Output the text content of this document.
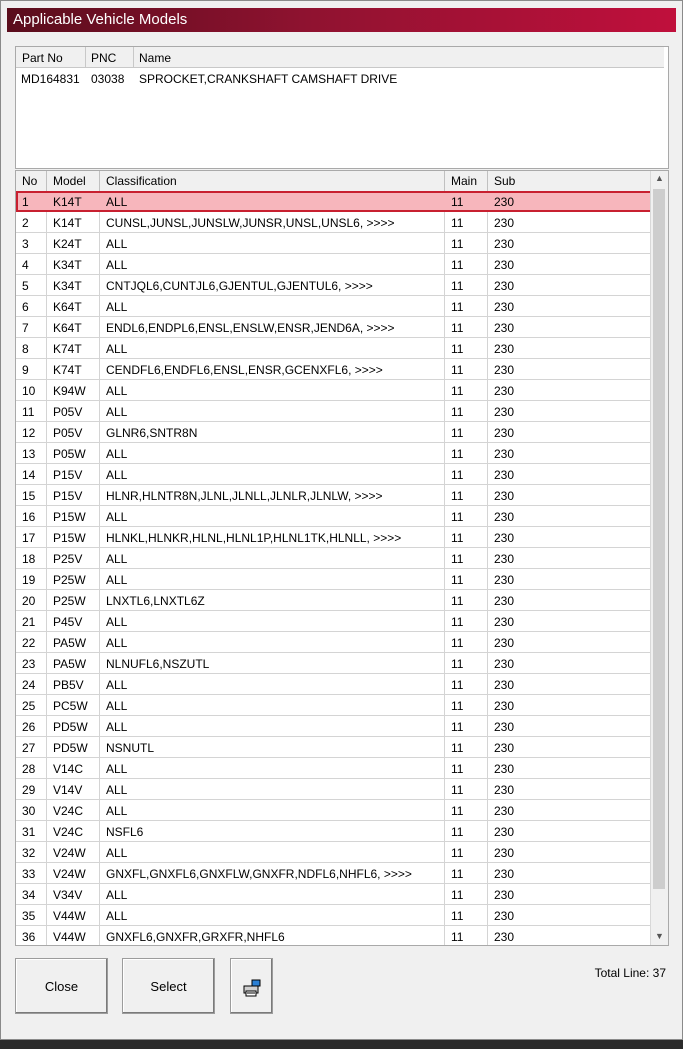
Applicable Vehicle Models
Part No PNC Name
MD164831 03038 SPROCKET,CRANKSHAFT CAMSHAFT DRIVE
No Model Classification	Main Sub
1 K14T ALL	11	230
2 K14T CUNSL,JUNSL,JUNSLW,JUNSR,UNSL,UNSL6, >>>>	11	230
3 K24T ALL	11	230
4 K34T ALL	11	230
5 K34T CNTJQL6,CUNTJL6,GJENTUL,GJENTUL6, >>>>	11	230
6 K64T ALL	11	230
7 K64T ENDL6,ENDPL6,ENSL,ENSLW,ENSR,JEND6A, >>>>	11	230
8 K74T ALL	11	230
9 K74T CENDFL6,ENDFL6,ENSL,ENSR,GCENXFL6, >>>>	11	230
10 K94W ALL	11	230
11 P05V ALL	11	230
12 P05V GLNR6,SNTR8N	11	230
13 P05W ALL	11	230
14 P15V ALL	11	230
15 P15V HLNR,HLNTR8N,JLNL,JLNLL,JLNLR,JLNLW, >>>>	11	230
16 P15W ALL	11	230
17 P15W HLNKL,HLNKR,HLNL,HLNL1P,HLNL1TK,HLNLL, >>>>	11	230
18 P25V ALL	11	230
19 P25W ALL	11	230
20 P25W LNXTL6,LNXTL6Z	11	230
21 P45V ALL	11	230
22 PA5W ALL	11	230
23 PA5W NLNUFL6,NSZUTL	11	230
24 PB5V ALL	11	230
25 PC5W ALL	11	230
26 PD5W ALL	11	230
27 PD5W NSNUTL	11	230
28 V14C ALL	11	230
29 V14V ALL	11	230
30 V24C ALL	11	230
31 V24C NSFL6	11	230
32 V24W ALL	11	230
33 V24W GNXFL,GNXFL6,GNXFLW,GNXFR,NDFL6,NHFL6, >>>>	11	230
34 V34V ALL	11	230
35 V44W ALL	11	230
36 V44W GNXFL6,GNXFR,GRXFR,NHFL6	11	230
▲
▼
Close	Select
Total Line: 37
